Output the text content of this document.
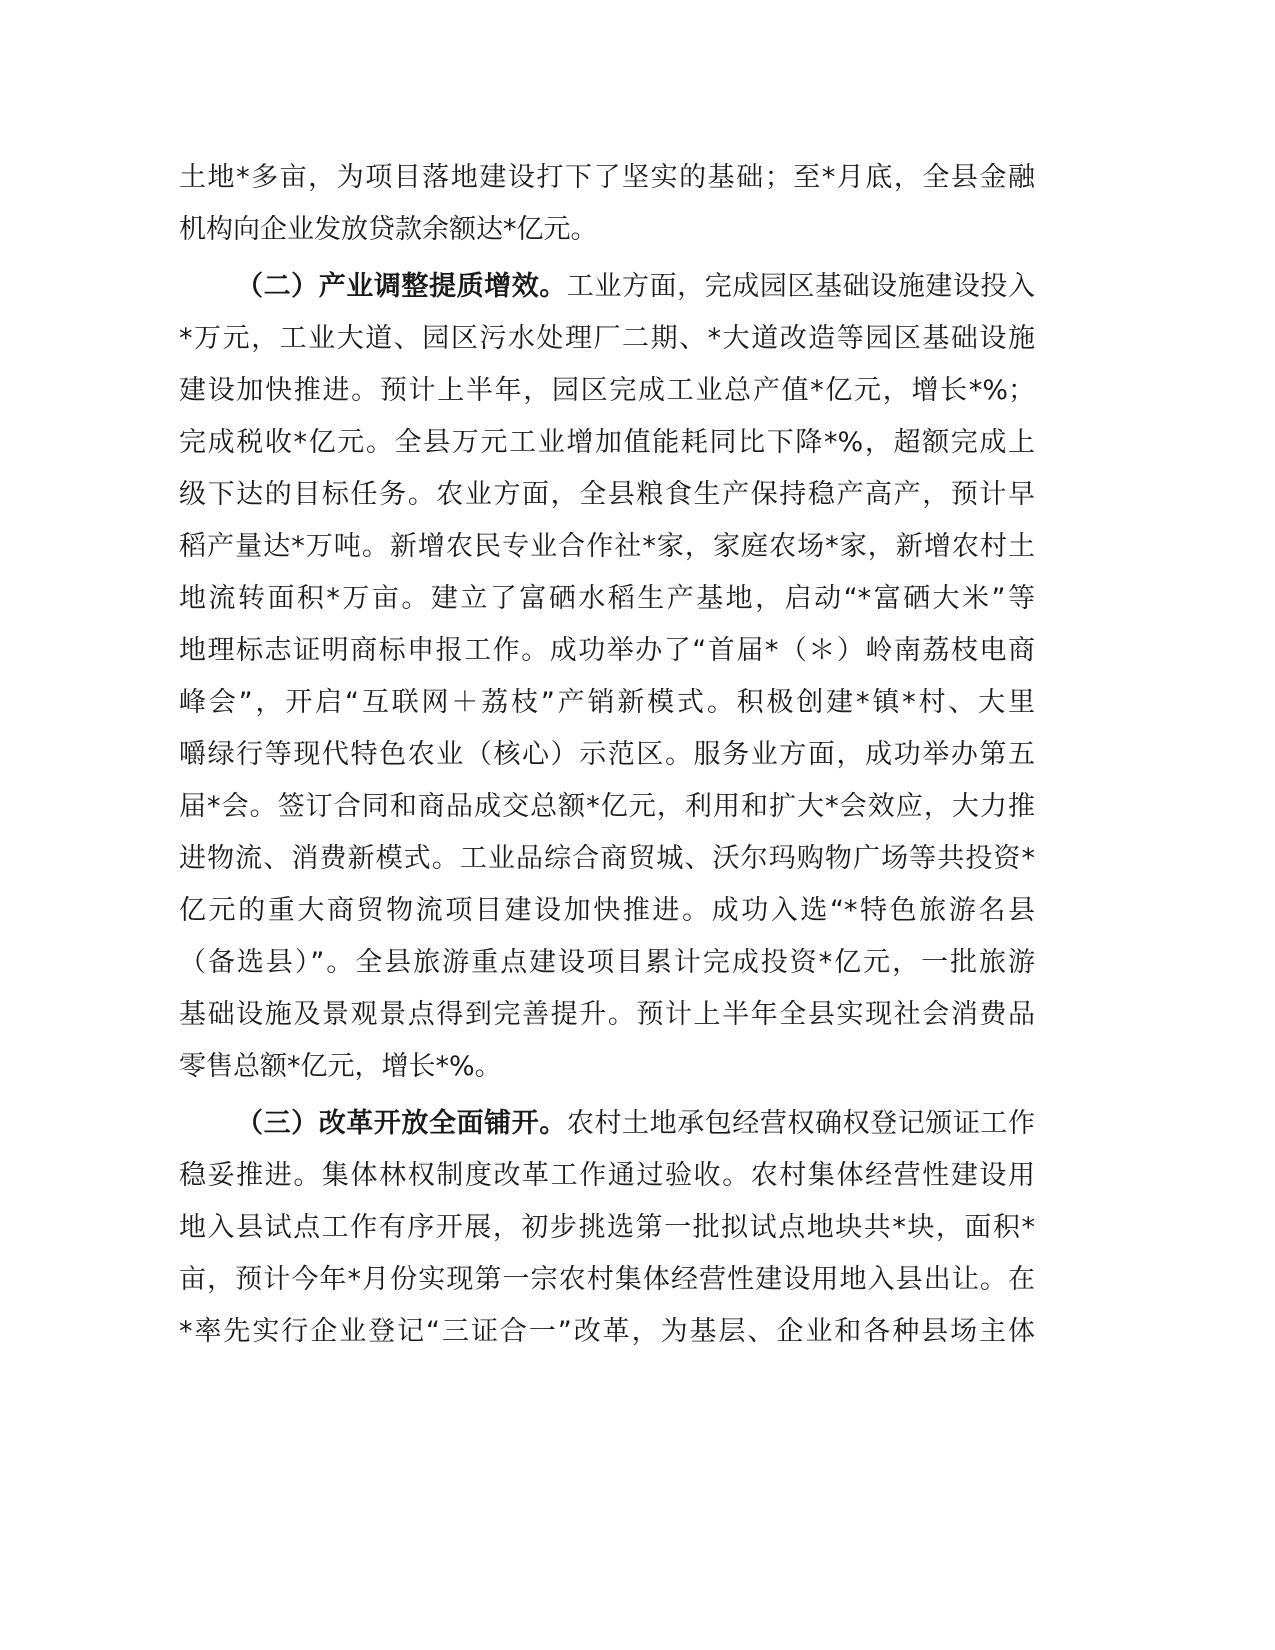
土地*多亩，为项目落地建设打下了坚实的基础；至*月底，全县金融
机构向企业发放贷款余额达*亿元。
（二）产业调整提质增效。工业方面，完成园区基础设施建设投入
*万元，工业大道、园区污水处理厂二期、*大道改造等园区基础设施
建设加快推进。预计上半年，园区完成工业总产值*亿元，增长*%；
完成税收*亿元。全县万元工业增加值能耗同比下降*%，超额完成上
级下达的目标任务。农业方面，全县粮食生产保持稳产高产，预计早
稻产量达*万吨。新增农民专业合作社*家，家庭农场*家，新增农村土
地流转面积*万亩。建立了富硒水稻生产基地，启动“*富硒大米”等
地理标志证明商标申报工作。成功举办了“首届*（＊）岭南荔枝电商
峰会”，开启“互联网＋荔枝”产销新模式。积极创建*镇*村、大里
嚼绿行等现代特色农业（核心）示范区。服务业方面，成功举办第五
届*会。签订合同和商品成交总额*亿元，利用和扩大*会效应，大力推
进物流、消费新模式。工业品综合商贸城、沃尔玛购物广场等共投资*
亿元的重大商贸物流项目建设加快推进。成功入选“*特色旅游名县
（备选县）”。全县旅游重点建设项目累计完成投资*亿元，一批旅游
基础设施及景观景点得到完善提升。预计上半年全县实现社会消费品
零售总额*亿元，增长*%。
（三）改革开放全面铺开。农村土地承包经营权确权登记颁证工作
稳妥推进。集体林权制度改革工作通过验收。农村集体经营性建设用
地入县试点工作有序开展，初步挑选第一批拟试点地块共*块，面积*
亩，预计今年*月份实现第一宗农村集体经营性建设用地入县出让。在
*率先实行企业登记“三证合一”改革，为基层、企业和各种县场主体
